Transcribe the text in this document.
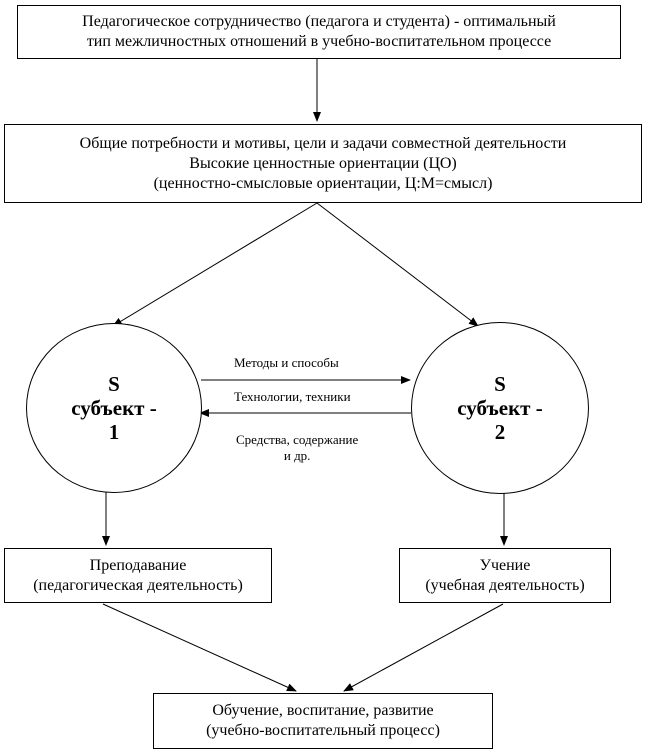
Педагогическое сотрудничество (педагога и студента) - оптимальный
тип межличностных отношений в учебно-воспитательном процессе
Общие потребности и мотивы, цели и задачи совместной деятельности
Высокие ценностные ориентации (ЦО)
(ценностно-смысловые ориентации, Ц:М=смысл)
S
субъект -
1
S
субъект -
2
Методы и способы
Технологии, техники
Средства, содержание
и др.
Преподавание
(педагогическая деятельность)
Учение
(учебная деятельность)
Обучение, воспитание, развитие
(учебно-воспитательный процесс)
